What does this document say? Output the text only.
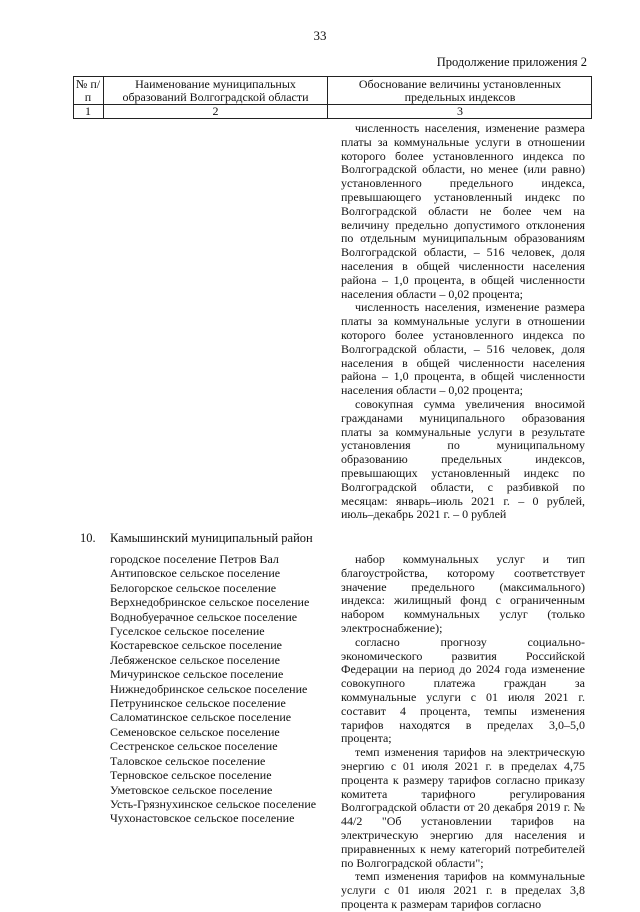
33
Продолжение приложения 2
№ п/п
Наименование муниципальных образований Волгоградской области
Обоснование величины установленных предельных индексов
1	2	3

численность населения, изменение размера платы за коммунальные услуги в отношении которого более установленного индекса по Волгоградской области, но менее (или равно) установленного предельного индекса, превышающего установленный индекс по Волгоградской области не более чем на величину предельно допустимого отклонения по отдельным муниципальным образованиям Волгоградской области, – 516 человек, доля населения в общей численности населения района – 1,0 процента, в общей численности населения области – 0,02 процента;

численность населения, изменение размера платы за коммунальные услуги в отношении которого более установленного индекса по Волгоградской области, – 516 человек, доля населения в общей численности населения района – 1,0 процента, в общей численности населения области – 0,02 процента;

совокупная сумма увеличения вносимой гражданами муниципального образования платы за коммунальные услуги в результате установления по муниципальному образованию предельных индексов, превышающих установленный индекс по Волгоградской области, с разбивкой по месяцам: январь–июль 2021 г. – 0 рублей, июль–декабрь 2021 г. – 0 рублей

10. Камышинский муниципальный район
городское поселение Петров Вал
Антиповское сельское поселение
Белогорское сельское поселение
Верхнедобринское сельское поселение
Воднобуерачное сельское поселение
Гуселское сельское поселение
Костаревское сельское поселение
Лебяженское сельское поселение
Мичуринское сельское поселение
Нижнедобринское сельское поселение
Петрунинское сельское поселение
Саломатинское сельское поселение
Семеновское сельское поселение
Сестренское сельское поселение
Таловское сельское поселение
Терновское сельское поселение
Уметовское сельское поселение
Усть-Грязнухинское сельское поселение
Чухонастовское сельское поселение

набор коммунальных услуг и тип благоустройства, которому соответствует значение предельного (максимального) индекса: жилищный фонд с ограниченным набором коммунальных услуг (только электроснабжение);

согласно прогнозу социально-экономического развития Российской Федерации на период до 2024 года изменение совокупного платежа граждан за коммунальные услуги с 01 июля 2021 г. составит 4 процента, темпы изменения тарифов находятся в пределах 3,0–5,0 процента;

темп изменения тарифов на электрическую энергию с 01 июля 2021 г. в пределах 4,75 процента к размеру тарифов согласно приказу комитета тарифного регулирования Волгоградской области от 20 декабря 2019 г. № 44/2 "Об установлении тарифов на электрическую энергию для населения и приравненных к нему категорий потребителей по Волгоградской области";

темп изменения тарифов на коммунальные услуги с 01 июля 2021 г. в пределах 3,8 процента к размерам тарифов согласно
